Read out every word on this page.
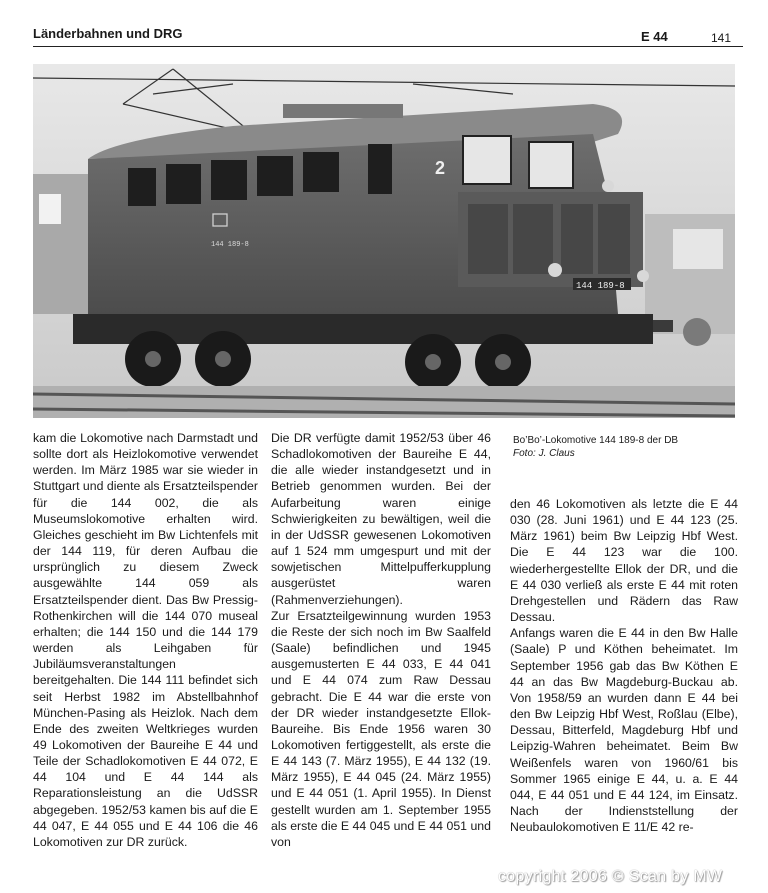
Länderbahnen und DRG	E 44	141
2
144 189-8
144 189-8

kam die Lokomotive nach Darmstadt und sollte dort als Heizlokomotive verwendet werden. Im März 1985 war sie wieder in Stuttgart und diente als Ersatzteilspender für die 144 002, die als Museumslokomotive erhalten wird. Gleiches geschieht im Bw Lichtenfels mit der 144 119, für deren Aufbau die ursprünglich zu diesem Zweck ausgewählte 144 059 als Ersatzteilspender dient. Das Bw Pressig-Rothenkirchen will die 144 070 museal erhalten; die 144 150 und die 144 179 werden als Leihgaben für Jubiläumsveranstaltungen bereitgehalten. Die 144 111 befindet sich seit Herbst 1982 im Abstellbahnhof München-Pasing als Heizlok. Nach dem Ende des zweiten Weltkrieges wurden 49 Lokomotiven der Baureihe E 44 und Teile der Schadlokomotiven E 44 072, E 44 104 und E 44 144 als Reparationsleistung an die UdSSR abgegeben. 1952/53 kamen bis auf die E 44 047, E 44 055 und E 44 106 die 46 Lokomotiven zur DR zurück.

Die DR verfügte damit 1952/53 über 46 Schadlokomotiven der Baureihe E 44, die alle wieder instandgesetzt und in Betrieb genommen wurden. Bei der Aufarbeitung waren einige Schwierigkeiten zu bewältigen, weil die in der UdSSR gewesenen Lokomotiven auf 1 524 mm umgespurt und mit der sowjetischen Mittelpufferkupplung ausgerüstet waren (Rahmenverziehungen).

Zur Ersatzteilgewinnung wurden 1953 die Reste der sich noch im Bw Saalfeld (Saale) befindlichen und 1945 ausgemusterten E 44 033, E 44 041 und E 44 074 zum Raw Dessau gebracht. Die E 44 war die erste von der DR wieder instandgesetzte Ellok-Baureihe. Bis Ende 1956 waren 30 Lokomotiven fertiggestellt, als erste die E 44 143 (7. März 1955), E 44 132 (19. März 1955), E 44 045 (24. März 1955) und E 44 051 (1. April 1955). In Dienst gestellt wurden am 1. September 1955 als erste die E 44 045 und E 44 051 und von

Bo’Bo’-Lokomotive 144 189-8 der DB
Foto: J. Claus

den 46 Lokomotiven als letzte die E 44 030 (28. Juni 1961) und E 44 123 (25. März 1961) beim Bw Leipzig Hbf West. Die E 44 123 war die 100. wiederhergestellte Ellok der DR, und die E 44 030 verließ als erste E 44 mit roten Drehgestellen und Rädern das Raw Dessau.

Anfangs waren die E 44 in den Bw Halle (Saale) P und Köthen beheimatet. Im September 1956 gab das Bw Köthen E 44 an das Bw Magdeburg-Buckau ab. Von 1958/59 an wurden dann E 44 bei den Bw Leipzig Hbf West, Roßlau (Elbe), Dessau, Bitterfeld, Magdeburg Hbf und Leipzig-Wahren beheimatet. Beim Bw Weißenfels waren von 1960/61 bis Sommer 1965 einige E 44, u. a. E 44 044, E 44 051 und E 44 124, im Einsatz. Nach der Indienststellung der Neubaulokomotiven E 11/E 42 re-

copyright 2006 © Scan by MW
